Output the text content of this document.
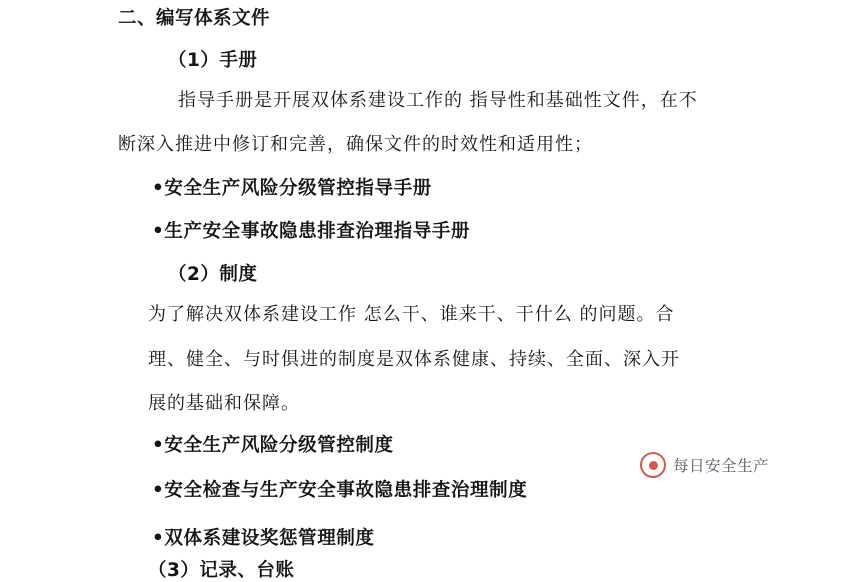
二、编写体系文件
（1）手册
指导手册是开展双体系建设工作的 指导性和基础性文件，在不
断深入推进中修订和完善，确保文件的时效性和适用性；
•安全生产风险分级管控指导手册
•生产安全事故隐患排查治理指导手册
（2）制度
为了解决双体系建设工作 怎么干、谁来干、干什么 的问题。合
理、健全、与时俱进的制度是双体系健康、持续、全面、深入开
展的基础和保障。
•安全生产风险分级管控制度
•安全检查与生产安全事故隐患排查治理制度
•双体系建设奖惩管理制度
（3）记录、台账
每日安全生产
